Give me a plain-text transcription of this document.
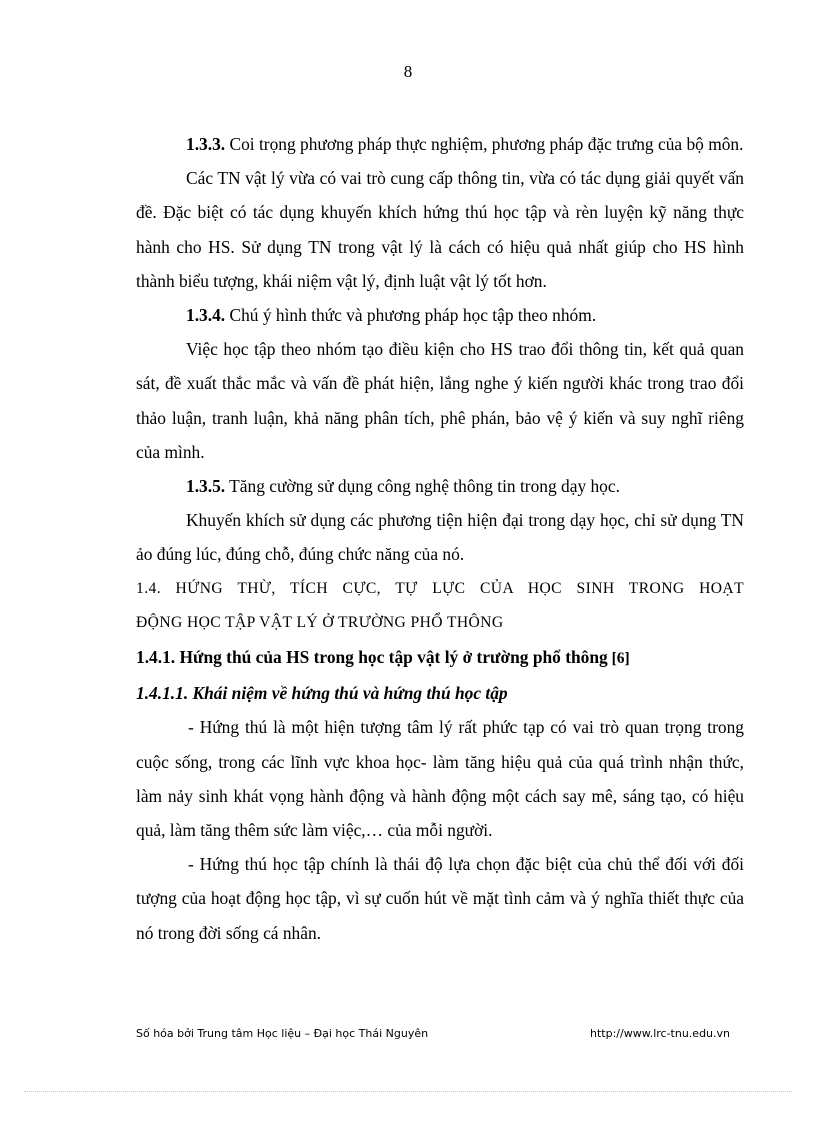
8

1.3.3. Coi trọng phương pháp thực nghiệm, phương pháp đặc trưng của bộ môn.

Các TN vật lý vừa có vai trò cung cấp thông tin, vừa có tác dụng giải quyết vấn đề. Đặc biệt có tác dụng khuyến khích hứng thú học tập và rèn luyện kỹ năng thực hành cho HS. Sử dụng TN trong vật lý là cách có hiệu quả nhất giúp cho HS hình thành biểu tượng, khái niệm vật lý, định luật vật lý tốt hơn.

1.3.4. Chú ý hình thức và phương pháp học tập theo nhóm.

Việc học tập theo nhóm tạo điều kiện cho HS trao đổi thông tin, kết quả quan sát, đề xuất thắc mắc và vấn đề phát hiện, lắng nghe ý kiến người khác trong trao đổi thảo luận, tranh luận, khả năng phân tích, phê phán, bảo vệ ý kiến và suy nghĩ riêng của mình.

1.3.5. Tăng cường sử dụng công nghệ thông tin trong dạy học.

Khuyến khích sử dụng các phương tiện hiện đại trong dạy học, chỉ sử dụng TN ảo đúng lúc, đúng chỗ, đúng chức năng của nó.

1.4. HỨNG THỪ, TÍCH CỰC, TỰ LỰC CỦA HỌC SINH TRONG HOẠT

ĐỘNG HỌC TẬP VẬT LÝ Ở TRƯỜNG PHỔ THÔNG

1.4.1. Hứng thú của HS trong học tập vật lý ở trường phổ thông [6]

1.4.1.1. Khái niệm về hứng thú và hứng thú học tập

- Hứng thú là một hiện tượng tâm lý rất phức tạp có vai trò quan trọng trong cuộc sống, trong các lĩnh vực khoa học- làm tăng hiệu quả của quá trình nhận thức, làm nảy sinh khát vọng hành động và hành động một cách say mê, sáng tạo, có hiệu quả, làm tăng thêm sức làm việc,… của mỗi người.

- Hứng thú học tập chính là thái độ lựa chọn đặc biệt của chủ thể đối với đối tượng của hoạt động học tập, vì sự cuốn hút về mặt tình cảm và ý nghĩa thiết thực của nó trong đời sống cá nhân.

Số hóa bởi Trung tâm Học liệu – Đại học Thái Nguyên	http://www.lrc-tnu.edu.vn
